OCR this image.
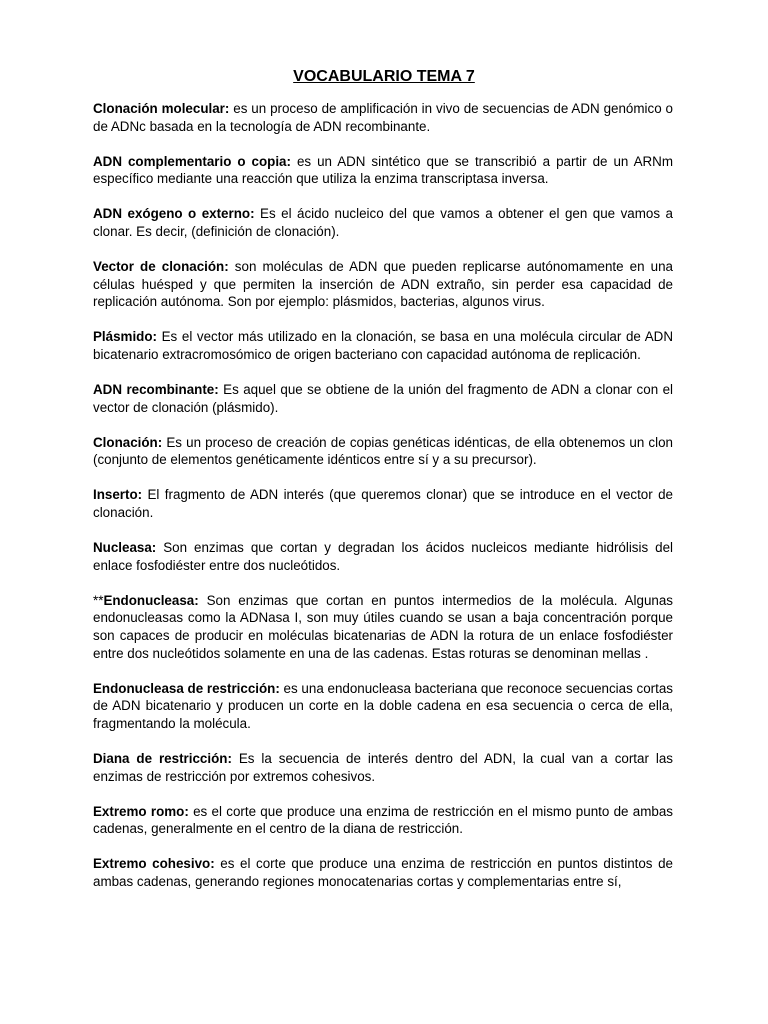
VOCABULARIO TEMA 7

Clonación molecular: es un proceso de amplificación in vivo de secuencias de ADN genómico o de ADNc basada en la tecnología de ADN recombinante.

ADN complementario o copia: es un ADN sintético que se transcribió a partir de un ARNm específico mediante una reacción que utiliza la enzima transcriptasa inversa.

ADN exógeno o externo: Es el ácido nucleico del que vamos a obtener el gen que vamos a clonar. Es decir, (definición de clonación).

Vector de clonación: son moléculas de ADN que pueden replicarse autónomamente en una células huésped y que permiten la inserción de ADN extraño, sin perder esa capacidad de replicación autónoma. Son por ejemplo: plásmidos, bacterias, algunos virus.

Plásmido: Es el vector más utilizado en la clonación, se basa en una molécula circular de ADN bicatenario extracromosómico de origen bacteriano con capacidad autónoma de replicación.

ADN recombinante: Es aquel que se obtiene de la unión del fragmento de ADN a clonar con el vector de clonación (plásmido).

Clonación: Es un proceso de creación de copias genéticas idénticas, de ella obtenemos un clon (conjunto de elementos genéticamente idénticos entre sí y a su precursor).

Inserto: El fragmento de ADN interés (que queremos clonar) que se introduce en el vector de clonación.

Nucleasa: Son enzimas que cortan y degradan los ácidos nucleicos mediante hidrólisis del enlace fosfodiéster entre dos nucleótidos.

**Endonucleasa: Son enzimas que cortan en puntos intermedios de la molécula. Algunas endonucleasas como la ADNasa I, son muy útiles cuando se usan a baja concentración porque son capaces de producir en moléculas bicatenarias de ADN la rotura de un enlace fosfodiéster entre dos nucleótidos solamente en una de las cadenas. Estas roturas se denominan mellas .

Endonucleasa de restricción: es una endonucleasa bacteriana que reconoce secuencias cortas de ADN bicatenario y producen un corte en la doble cadena en esa secuencia o cerca de ella, fragmentando la molécula.

Diana de restricción: Es la secuencia de interés dentro del ADN, la cual van a cortar las enzimas de restricción por extremos cohesivos.

Extremo romo: es el corte que produce una enzima de restricción en el mismo punto de ambas cadenas, generalmente en el centro de la diana de restricción.

Extremo cohesivo: es el corte que produce una enzima de restricción en puntos distintos de ambas cadenas, generando regiones monocatenarias cortas y complementarias entre sí,
